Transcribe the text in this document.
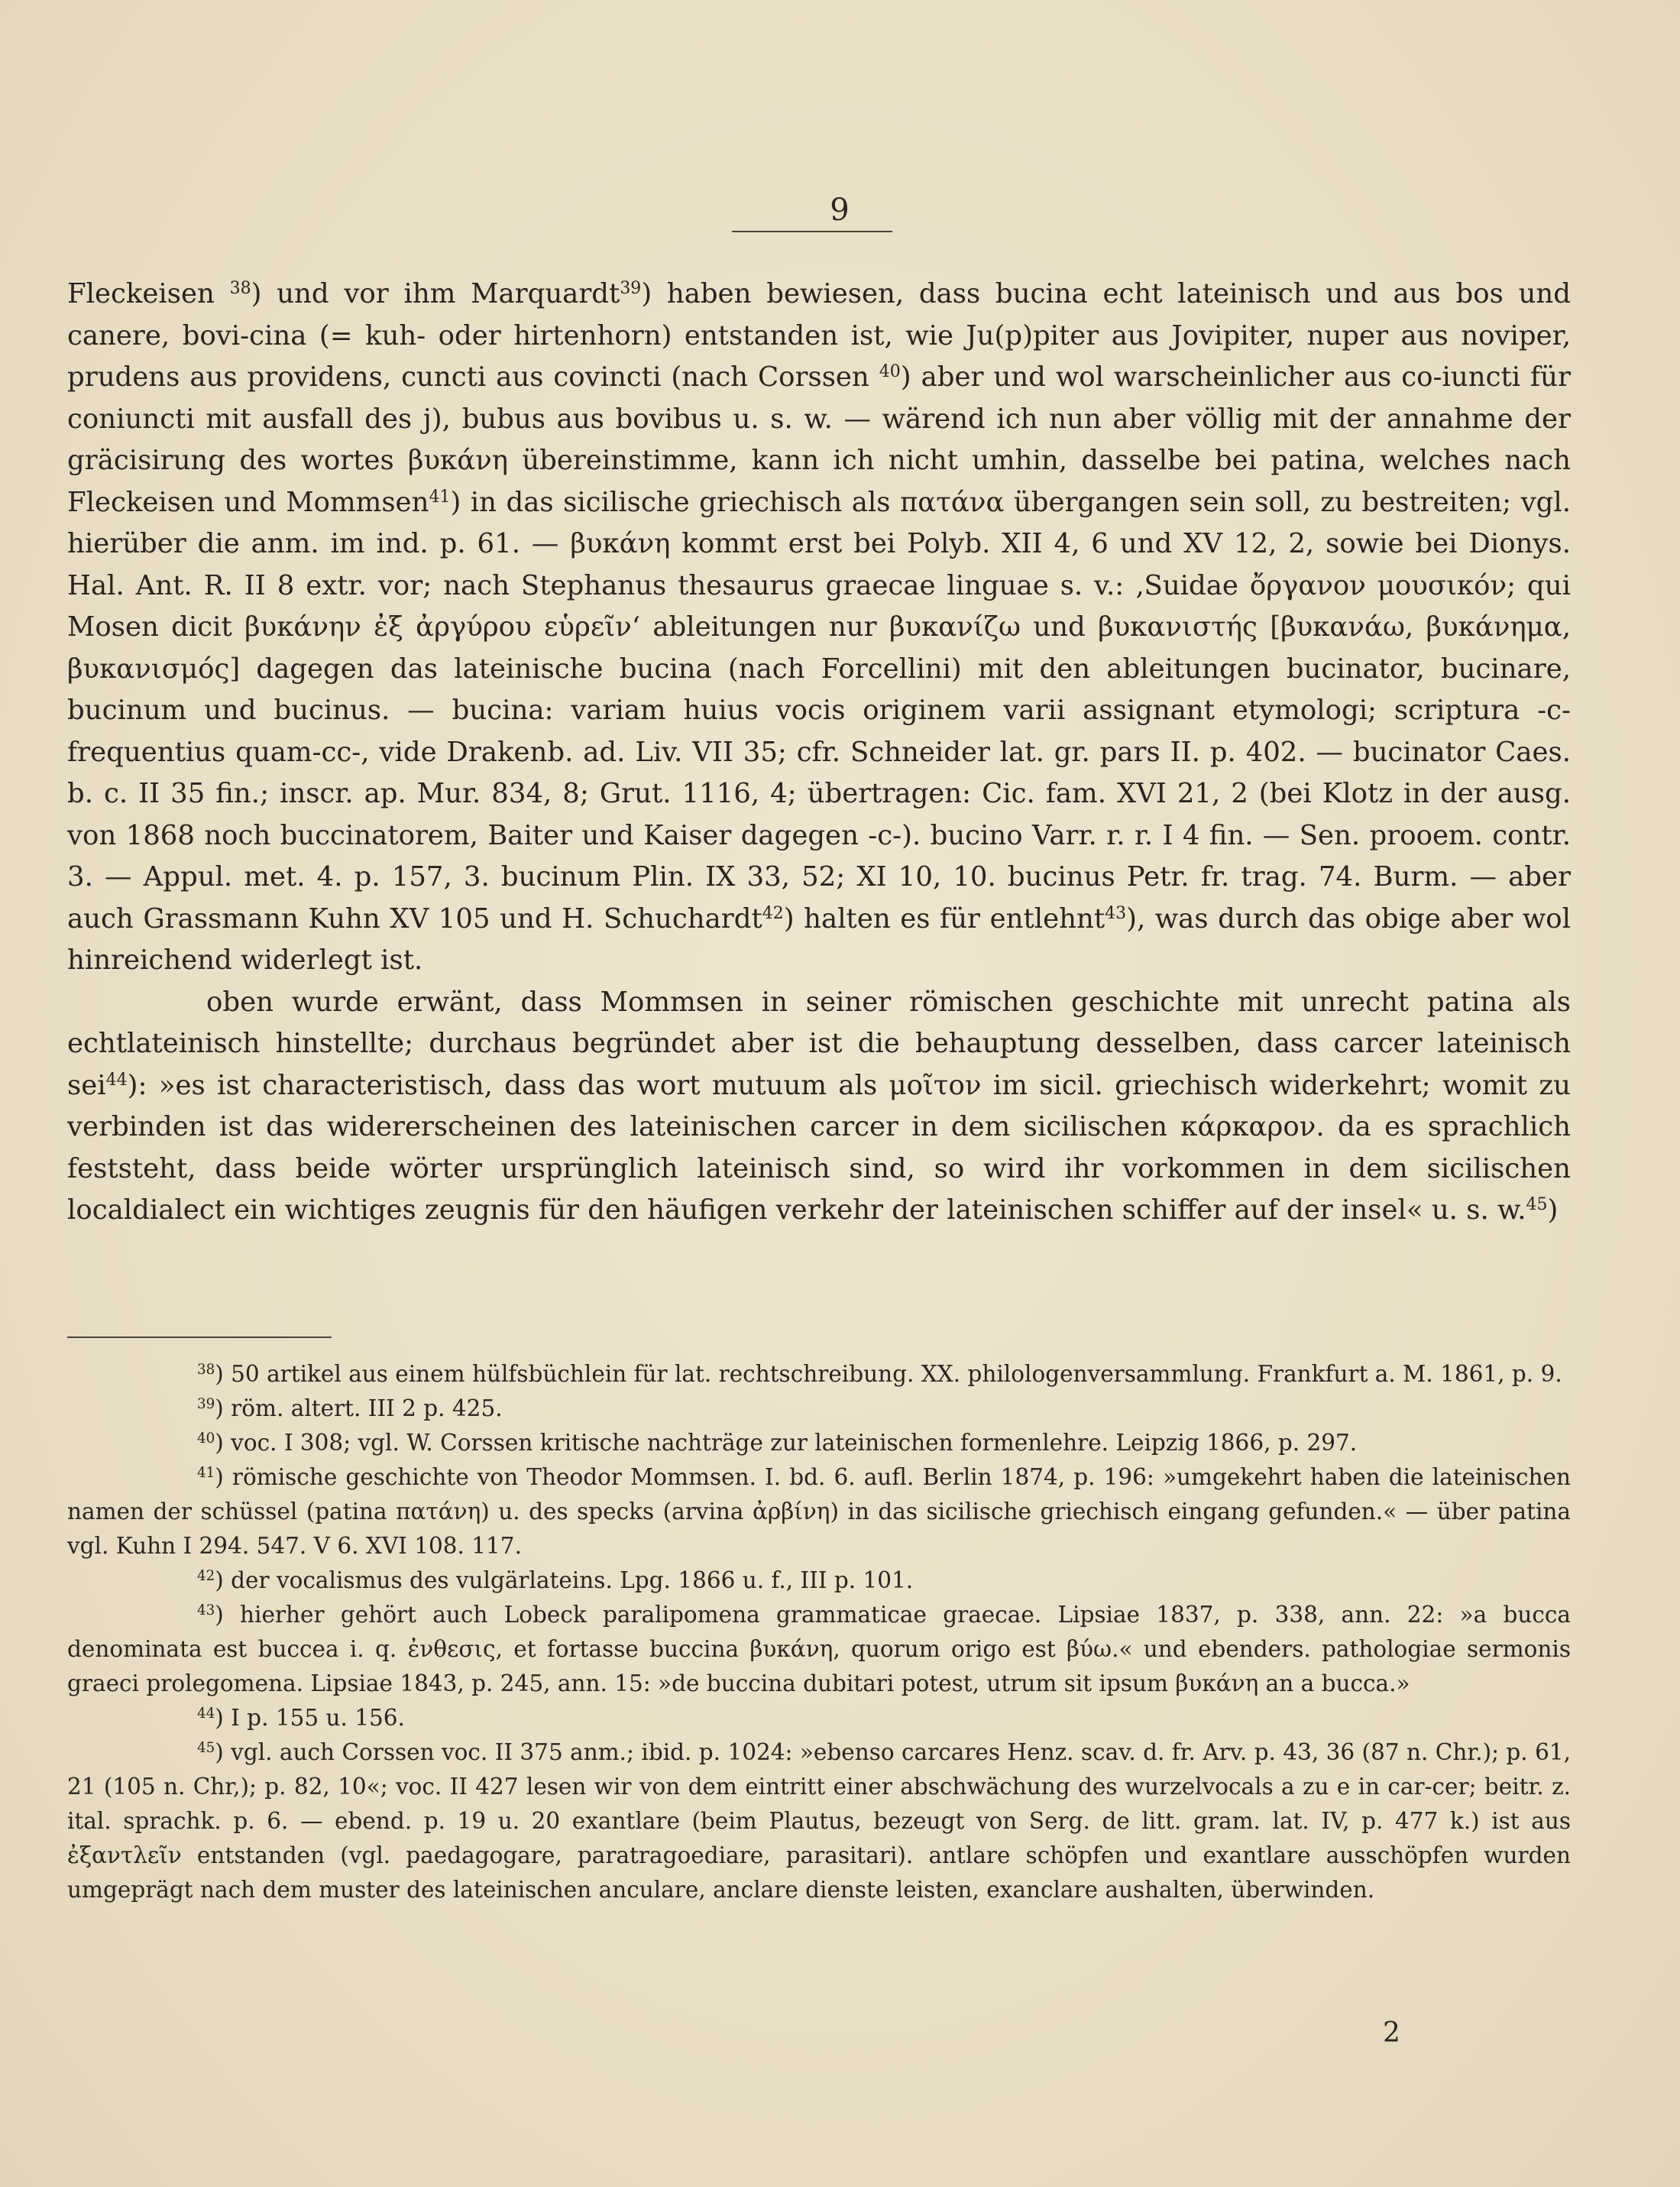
9

Fleckeisen $^{38}$) und vor ihm Marquardt$^{39}$) haben bewiesen, dass bucina echt lateinisch und aus bos und canere, bovi-cina (= kuh- oder hirtenhorn) entstanden ist, wie Ju(p)piter aus Jovipiter, nuper aus noviper, prudens aus providens, cuncti aus covincti (nach Corssen $^{40}$) aber und wol warscheinlicher aus co-iuncti für coniuncti mit ausfall des j), bubus aus bovibus u. s. w. — wärend ich nun aber völlig mit der annahme der gräcisirung des wortes βυκάνη übereinstimme, kann ich nicht umhin, dasselbe bei patina, welches nach Fleckeisen und Mommsen$^{41}$) in das sicilische griechisch als πατάνα übergangen sein soll, zu bestreiten; vgl. hierüber die anm. im ind. p. 61. — βυκάνη kommt erst bei Polyb. XII 4, 6 und XV 12, 2, sowie bei Dionys. Hal. Ant. R. II 8 extr. vor; nach Stephanus thesaurus graecae linguae s. v.: ‚Suidae ὄργανον μουσικόν; qui Mosen dicit βυκάνην ἐξ ἀργύρου εὑρεῖν‘ ableitungen nur βυκανίζω und βυκανιστής [βυκανάω, βυκάνημα, βυκανισμός] dagegen das lateinische bucina (nach Forcellini) mit den ableitungen bucinator, bucinare, bucinum und bucinus. — bucina: variam huius vocis originem varii assignant etymologi; scriptura -c- frequentius quam-cc-, vide Drakenb. ad. Liv. VII 35; cfr. Schneider lat. gr. pars II. p. 402. — bucinator Caes. b. c. II 35 fin.; inscr. ap. Mur. 834, 8; Grut. 1116, 4; übertragen: Cic. fam. XVI 21, 2 (bei Klotz in der ausg. von 1868 noch buccinatorem, Baiter und Kaiser dagegen -c-). bucino Varr. r. r. I 4 fin. — Sen. prooem. contr. 3. — Appul. met. 4. p. 157, 3. bucinum Plin. IX 33, 52; XI 10, 10. bucinus Petr. fr. trag. 74. Burm. — aber auch Grassmann Kuhn XV 105 und H. Schuchardt$^{42}$) halten es für entlehnt$^{43}$), was durch das obige aber wol hinreichend widerlegt ist.

oben wurde erwänt, dass Mommsen in seiner römischen geschichte mit unrecht patina als echtlateinisch hinstellte; durchaus begründet aber ist die behauptung desselben, dass carcer lateinisch sei$^{44}$): »es ist characteristisch, dass das wort mutuum als μοῖτον im sicil. griechisch widerkehrt; womit zu verbinden ist das widererscheinen des lateinischen carcer in dem sicilischen κάρκαρον. da es sprachlich feststeht, dass beide wörter ursprünglich lateinisch sind, so wird ihr vorkommen in dem sicilischen localdialect ein wichtiges zeugnis für den häufigen verkehr der lateinischen schiffer auf der insel« u. s. w.$^{45}$)

$^{38}$) 50 artikel aus einem hülfsbüchlein für lat. rechtschreibung. XX. philologenversammlung. Frankfurt a. M. 1861, p. 9.

$^{39}$) röm. altert. III 2 p. 425.

$^{40}$) voc. I 308; vgl. W. Corssen kritische nachträge zur lateinischen formenlehre. Leipzig 1866, p. 297.

$^{41}$) römische geschichte von Theodor Mommsen. I. bd. 6. aufl. Berlin 1874, p. 196: »umgekehrt haben die lateinischen namen der schüssel (patina πατάνη) u. des specks (arvina ἀρβίνη) in das sicilische griechisch eingang gefunden.« — über patina vgl. Kuhn I 294. 547. V 6. XVI 108. 117.

$^{42}$) der vocalismus des vulgärlateins. Lpg. 1866 u. f., III p. 101.

$^{43}$) hierher gehört auch Lobeck paralipomena grammaticae graecae. Lipsiae 1837, p. 338, ann. 22: »a bucca denominata est buccea i. q. ἐνθεσις, et fortasse buccina βυκάνη, quorum origo est βύω.« und ebenders. pathologiae sermonis graeci prolegomena. Lipsiae 1843, p. 245, ann. 15: »de buccina dubitari potest, utrum sit ipsum βυκάνη an a bucca.»

$^{44}$) I p. 155 u. 156.

$^{45}$) vgl. auch Corssen voc. II 375 anm.; ibid. p. 1024: »ebenso carcares Henz. scav. d. fr. Arv. p. 43, 36 (87 n. Chr.); p. 61, 21 (105 n. Chr,); p. 82, 10«; voc. II 427 lesen wir von dem eintritt einer abschwächung des wurzelvocals a zu e in car-cer; beitr. z. ital. sprachk. p. 6. — ebend. p. 19 u. 20 exantlare (beim Plautus, bezeugt von Serg. de litt. gram. lat. IV, p. 477 k.) ist aus ἐξαντλεῖν entstanden (vgl. paedagogare, paratragoediare, parasitari). antlare schöpfen und exantlare ausschöpfen wurden umgeprägt nach dem muster des lateinischen anculare, anclare dienste leisten, exanclare aushalten, überwinden.

2
